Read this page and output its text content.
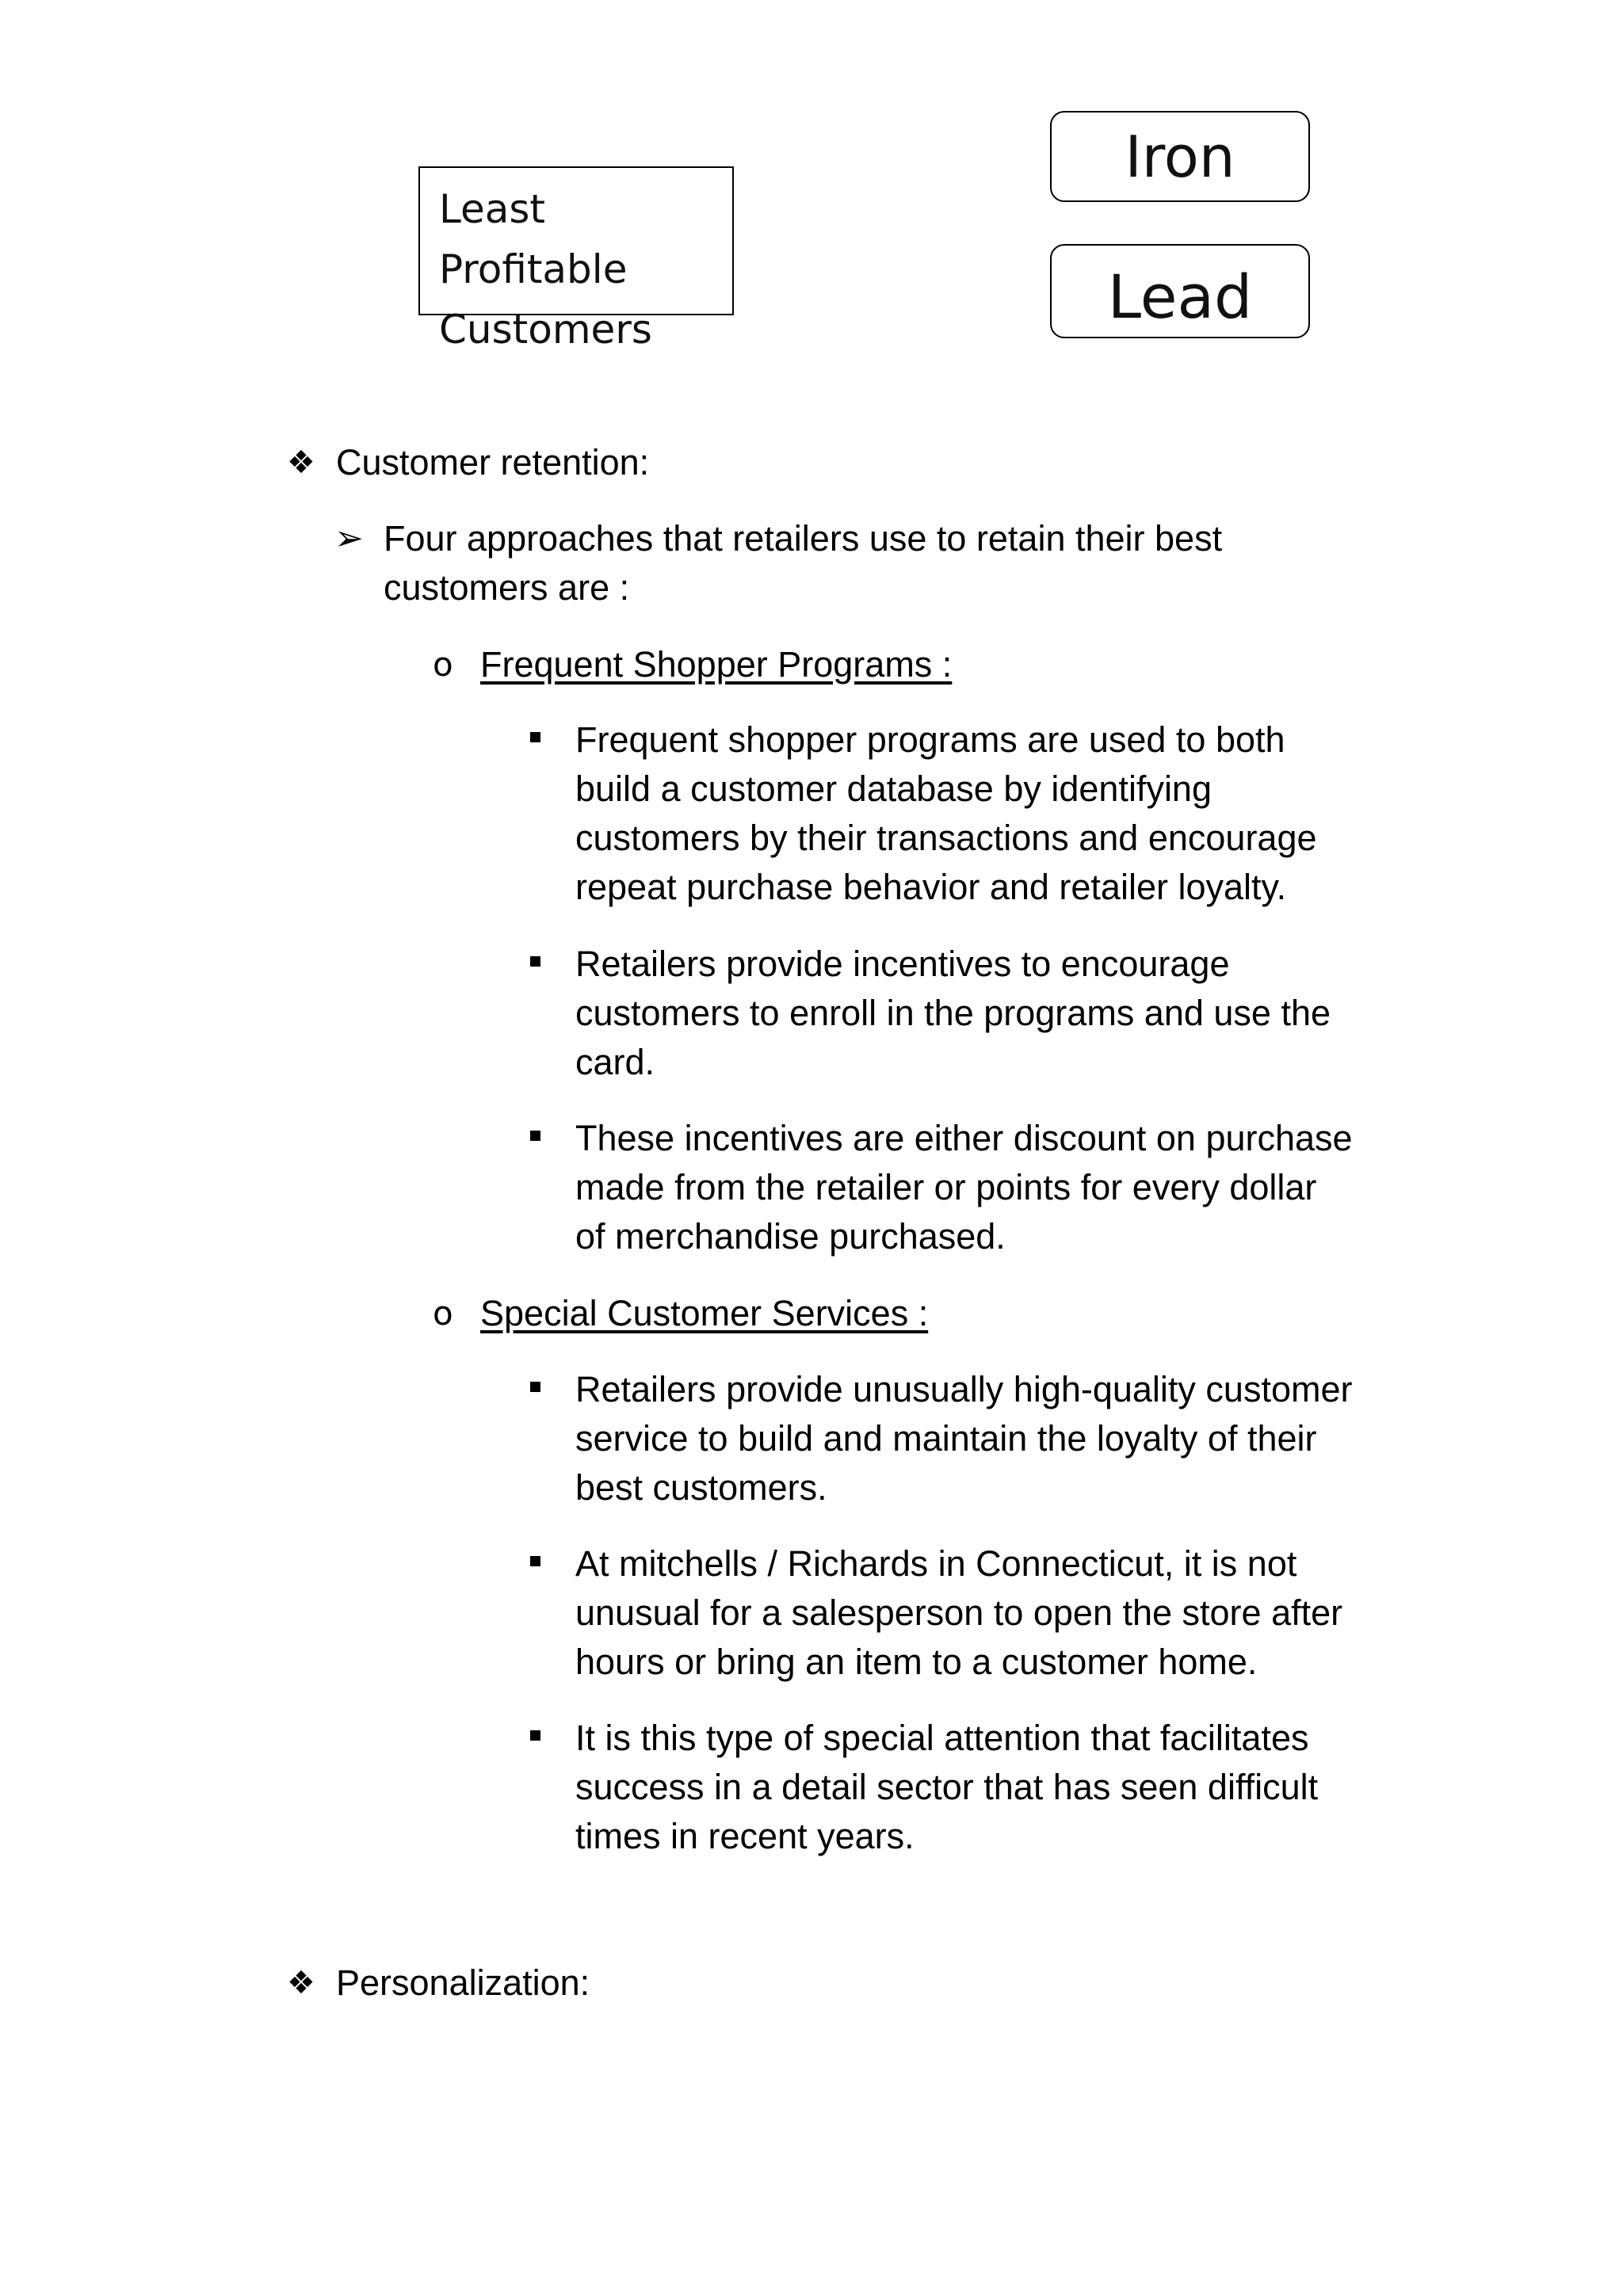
Least Profitable
Customers
Iron
Lead
❖ Customer retention:
➢ Four approaches that retailers use to retain their best
customers are :
o Frequent Shopper Programs :
Frequent shopper programs are used to both
build a customer database by identifying
customers by their transactions and encourage
repeat purchase behavior and retailer loyalty.
Retailers provide incentives to encourage
customers to enroll in the programs and use the
card.
These incentives are either discount on purchase
made from the retailer or points for every dollar
of merchandise purchased.
o Special Customer Services :
Retailers provide unusually high-quality customer
service to build and maintain the loyalty of their
best customers.
At mitchells / Richards in Connecticut, it is not
unusual for a salesperson to open the store after
hours or bring an item to a customer home.
It is this type of special attention that facilitates
success in a detail sector that has seen difficult
times in recent years.
❖ Personalization:
